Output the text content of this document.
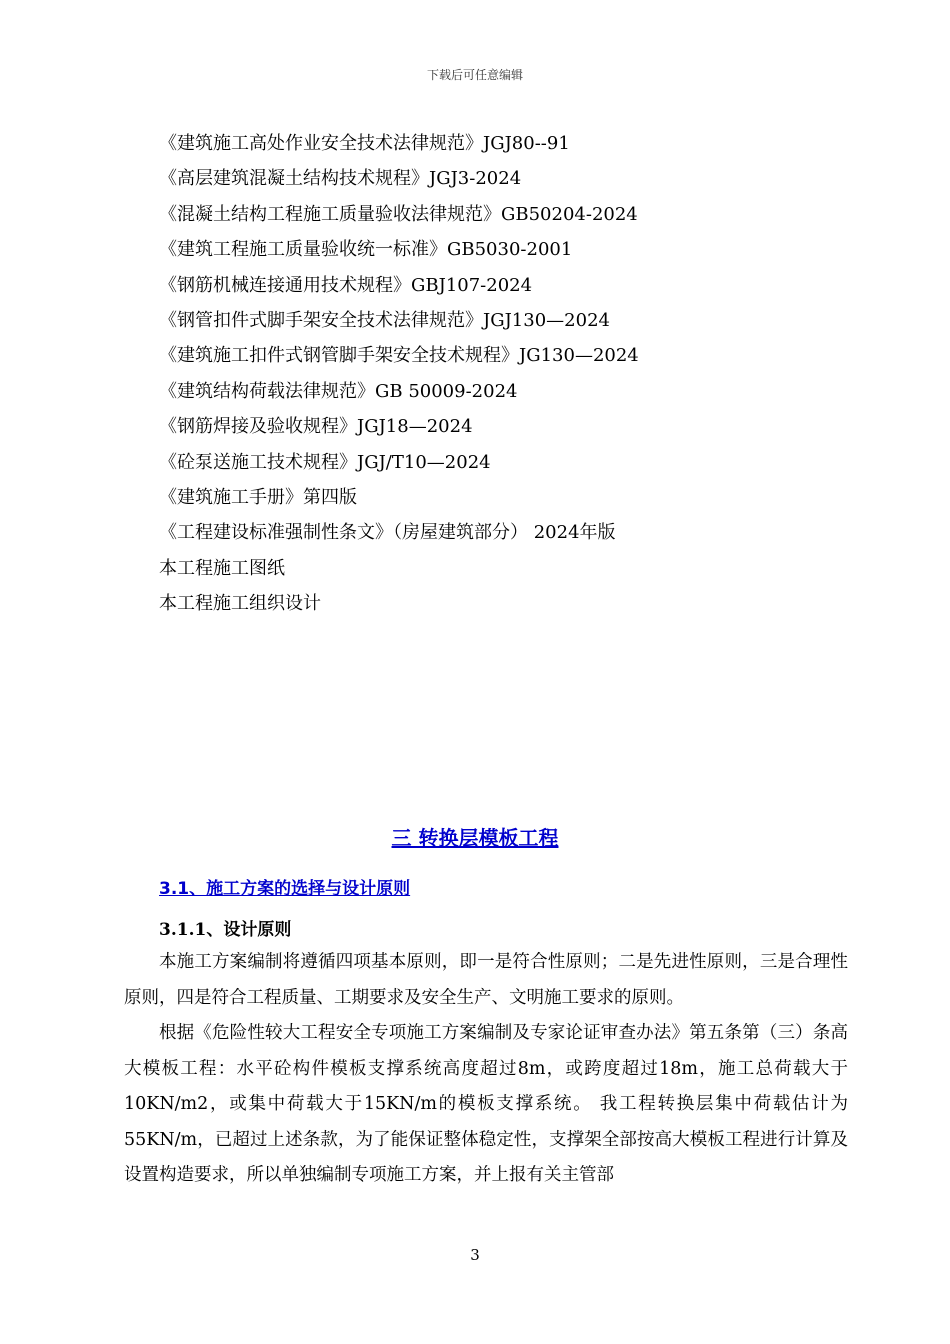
下载后可任意编辑
《建筑施工高处作业安全技术法律规范》JGJ80--91
《高层建筑混凝土结构技术规程》JGJ3-2024
《混凝土结构工程施工质量验收法律规范》GB50204-2024
《建筑工程施工质量验收统一标准》GB5030-2001
《钢筋机械连接通用技术规程》GBJ107-2024
《钢管扣件式脚手架安全技术法律规范》JGJ130—2024
《建筑施工扣件式钢管脚手架安全技术规程》JG130—2024
《建筑结构荷载法律规范》GB 50009-2024
《钢筋焊接及验收规程》JGJ18—2024
《砼泵送施工技术规程》JGJ/T10—2024
《建筑施工手册》第四版
《工程建设标准强制性条文》（房屋建筑部分） 2024年版
本工程施工图纸
本工程施工组织设计
三 转换层模板工程
3.1、施工方案的选择与设计原则
3.1.1、设计原则

本施工方案编制将遵循四项基本原则，即一是符合性原则；二是先进性原则，三是合理性原则，四是符合工程质量、工期要求及安全生产、文明施工要求的原则。

根据《危险性较大工程安全专项施工方案编制及专家论证审查办法》第五条第（三）条高大模板工程：水平砼构件模板支撑系统高度超过8m，或跨度超过18m，施工总荷载大于10KN/m2，或集中荷载大于15KN/m的模板支撑系统。 我工程转换层集中荷载估计为55KN/m，已超过上述条款，为了能保证整体稳定性，支撑架全部按高大模板工程进行计算及设置构造要求，所以单独编制专项施工方案，并上报有关主管部

3
